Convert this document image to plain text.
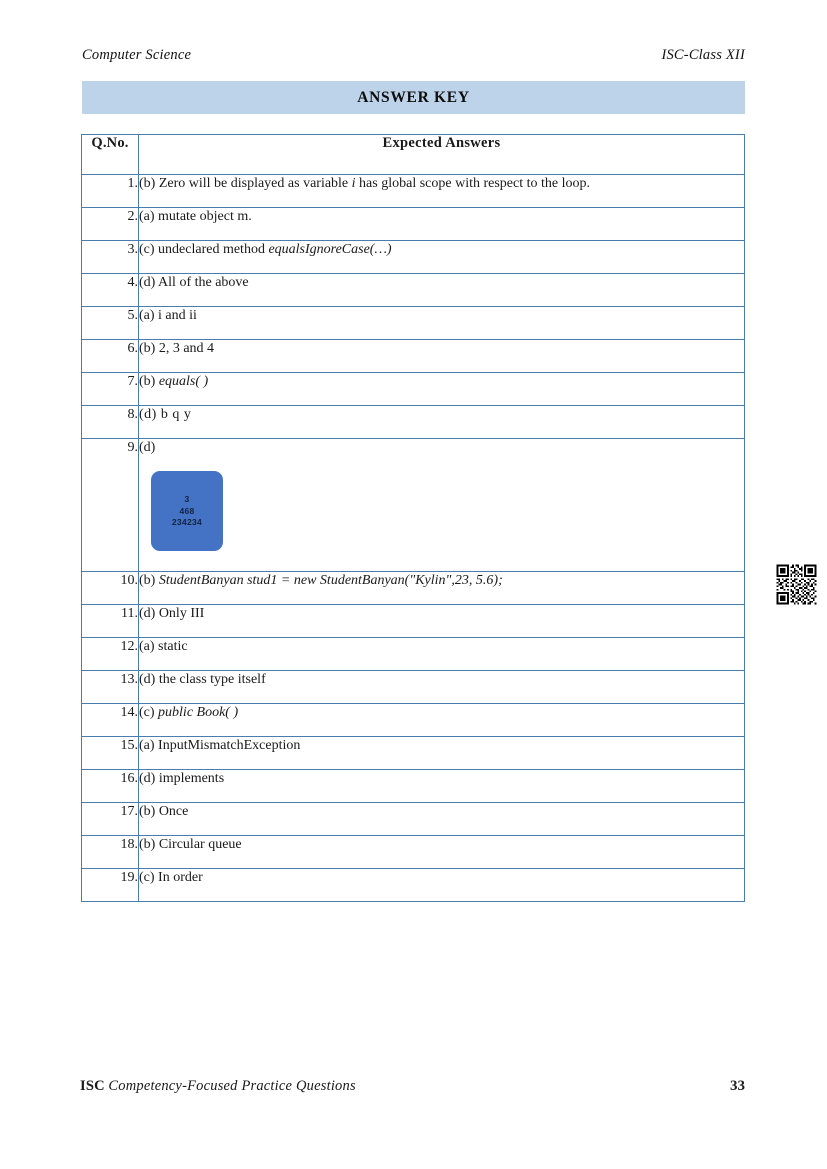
Computer Science	ISC-Class XII
ANSWER KEY
Q.No.	Expected Answers
1.	(b) Zero will be displayed as variable i has global scope with respect to the loop.
2.	(a) mutate object m.
3.	(c) undeclared method equalsIgnoreCase(…)
4.	(d) All of the above
5.	(a) i and ii
6.	(b) 2, 3 and 4
7.	(b) equals( )
8.	(d) b q y
9.	(d)
3
468
234234

10.	(b) StudentBanyan stud1 = new StudentBanyan("Kylin",23, 5.6);
11.	(d) Only III
12.	(a) static
13.	(d) the class type itself
14.	(c) public Book( )
15.	(a) InputMismatchException
16.	(d) implements
17.	(b) Once
18.	(b) Circular queue
19.	(c) In order
ISC Competency-Focused Practice Questions	33
